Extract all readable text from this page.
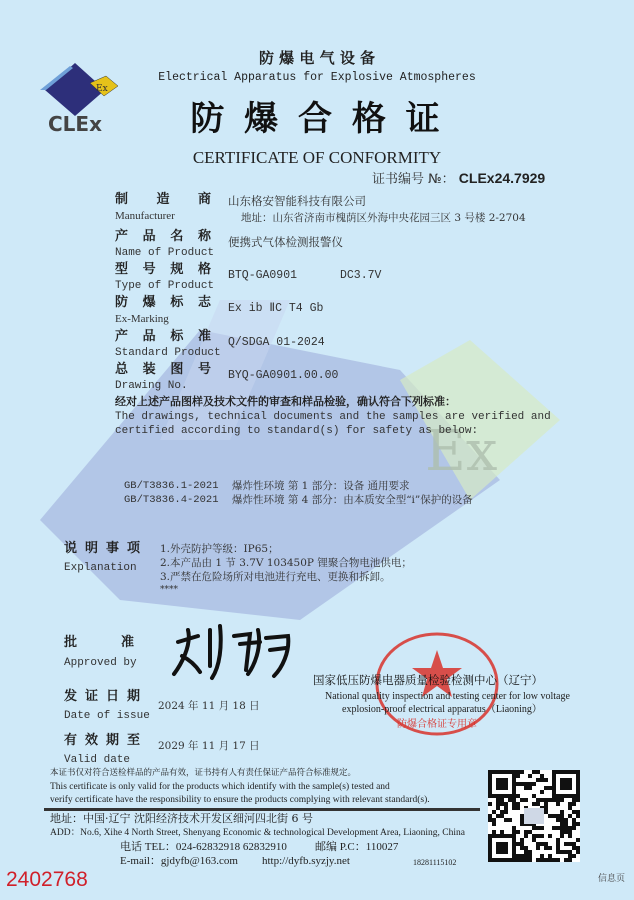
Ex
Ex
CLEx
防 爆 电 气 设 备
Electrical Apparatus for Explosive Atmospheres
防 爆 合 格 证
CERTIFICATE OF CONFORMITY
证书编号 №： CLEx24.7929
制造商
Manufacturer
山东格安智能科技有限公司
地址：山东省济南市槐荫区外海中央花园三区 3 号楼 2-2704
产品名称
Name of Product
便携式气体检测报警仪
型号规格
Type of Product
BTQ-GA0901	DC3.7V
防爆标志
Ex-Marking
Ex ib ⅡC T4 Gb
产品标准
Standard Product
Q/SDGA 01-2024
总装图号
Drawing No.
BYQ-GA0901.00.00
经对上述产品图样及技术文件的审查和样品检验，确认符合下列标准：
The drawings, technical documents and the samples are verified and
certified according to standard(s) for safety as below:
GB/T3836.1-2021 爆炸性环境 第 1 部分：设备 通用要求
GB/T3836.4-2021 爆炸性环境 第 4 部分：由本质安全型“i”保护的设备
说明事项
Explanation
1.外壳防护等级：IP65；
2.本产品由 1 节 3.7V 103450P 锂聚合物电池供电；
3.严禁在危险场所对电池进行充电、更换和拆卸。
****
批准
Approved by
发证日期
Date of issue
2024 年 11 月 18 日
有效期至
Valid date
2029 年 11 月 17 日
防爆合格证专用章
国家低压防爆电器质量检验检测中心（辽宁）
National quality inspection and testing center for low voltage
explosion-proof electrical apparatus（Liaoning）
本证书仅对符合送检样品的产品有效，证书持有人有责任保证产品符合标准规定。
This certificate is only valid for the products which identify with the sample(s) tested and
verify certificate have the responsibility to ensure the products complying with relevant standard(s).
地址：中国·辽宁 沈阳经济技术开发区细河四北街 6 号
ADD：No.6, Xihe 4 North Street, Shenyang Economic & technological Development Area, Liaoning, China
电话 TEL：024-62832918 62832910	邮编 P.C：110027
E-mail：gjdyfb@163.com http://dyfb.syzjy.net	18281115102
2402768	信息页
